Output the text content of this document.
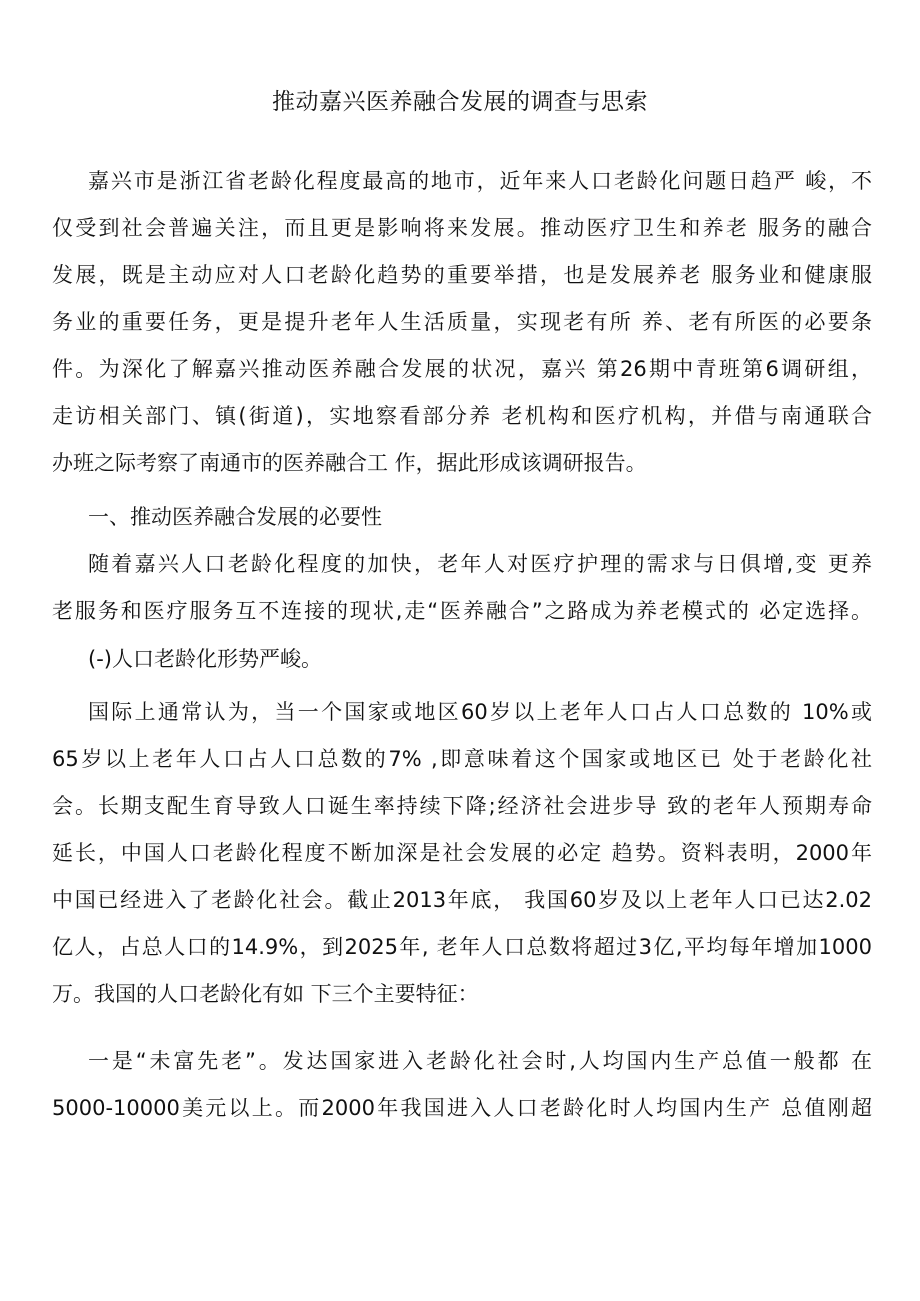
推动嘉兴医养融合发展的调查与思索
嘉兴市是浙江省老龄化程度最高的地市，近年来人口老龄化问题日趋严 峻，不
仅受到社会普遍关注，而且更是影响将来发展。推动医疗卫生和养老 服务的融合
发展，既是主动应对人口老龄化趋势的重要举措，也是发展养老 服务业和健康服
务业的重要任务，更是提升老年人生活质量，实现老有所 养、老有所医的必要条
件。为深化了解嘉兴推动医养融合发展的状况，嘉兴 第26期中青班第6调研组，
走访相关部门、镇(街道)，实地察看部分养 老机构和医疗机构，并借与南通联合
办班之际考察了南通市的医养融合工 作，据此形成该调研报告。
一、推动医养融合发展的必要性
随着嘉兴人口老龄化程度的加快，老年人对医疗护理的需求与日俱增,变 更养
老服务和医疗服务互不连接的现状,走“医养融合”之路成为养老模式的 必定选择。
(-)人口老龄化形势严峻。
国际上通常认为，当一个国家或地区60岁以上老年人口占人口总数的 10%或
65岁以上老年人口占人口总数的7% ,即意味着这个国家或地区已 处于老龄化社
会。长期支配生育导致人口诞生率持续下降;经济社会进步导 致的老年人预期寿命
延长，中国人口老龄化程度不断加深是社会发展的必定 趋势。资料表明，2000年
中国已经进入了老龄化社会。截止2013年底， 我国60岁及以上老年人口已达2.02
亿人，占总人口的14.9%，到2025年, 老年人口总数将超过3亿,平均每年增加1000
万。我国的人口老龄化有如 下三个主要特征：
一是“未富先老”。发达国家进入老龄化社会时,人均国内生产总值一般都 在
5000-10000美元以上。而2000年我国进入人口老龄化时人均国内生产 总值刚超
